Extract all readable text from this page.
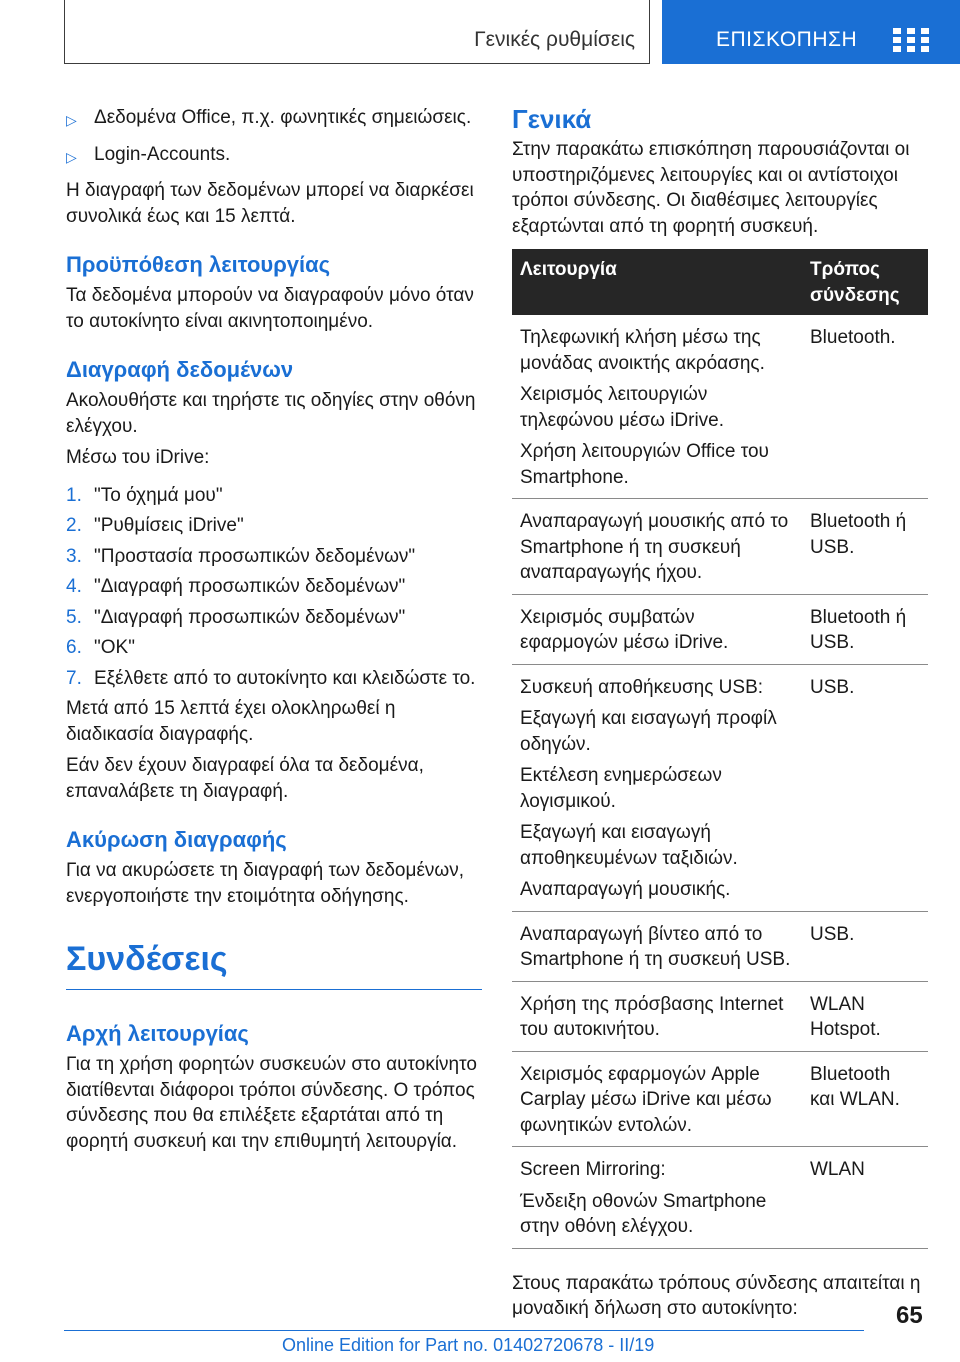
Γενικές ρυθμίσεις	ΕΠΙΣΚΟΠΗΣΗ
▷ Δεδομένα Office, π.χ. φωνητικές σημειώσεις.
▷ Login-Accounts.
Η διαγραφή των δεδομένων μπορεί να διαρκέσει συνολικά έως και 15 λεπτά.
Προϋπόθεση λειτουργίας
Τα δεδομένα μπορούν να διαγραφούν μόνο όταν το αυτοκίνητο είναι ακινητοποιημένο.
Διαγραφή δεδομένων
Ακολουθήστε και τηρήστε τις οδηγίες στην οθόνη ελέγχου.
Μέσω του iDrive:
1. "Το όχημά μου"
2. "Ρυθμίσεις iDrive"
3. "Προστασία προσωπικών δεδομένων"
4. "Διαγραφή προσωπικών δεδομένων"
5. "Διαγραφή προσωπικών δεδομένων"
6. "OK"
7. Εξέλθετε από το αυτοκίνητο και κλειδώστε το.
Μετά από 15 λεπτά έχει ολοκληρωθεί η διαδικασία διαγραφής.
Εάν δεν έχουν διαγραφεί όλα τα δεδομένα, επαναλάβετε τη διαγραφή.
Ακύρωση διαγραφής
Για να ακυρώσετε τη διαγραφή των δεδομένων, ενεργοποιήστε την ετοιμότητα οδήγησης.
Συνδέσεις
Αρχή λειτουργίας
Για τη χρήση φορητών συσκευών στο αυτοκίνητο διατίθενται διάφοροι τρόποι σύνδεσης. Ο τρόπος σύνδεσης που θα επιλέξετε εξαρτάται από τη φορητή συσκευή και την επιθυμητή λειτουργία.
Γενικά
Στην παρακάτω επισκόπηση παρουσιάζονται οι υποστηριζόμενες λειτουργίες και οι αντίστοιχοι τρόποι σύνδεσης. Οι διαθέσιμες λειτουργίες εξαρτώνται από τη φορητή συσκευή.
Λειτουργία	Τρόπος σύνδεσης

Τηλεφωνική κλήση μέσω της μονάδας ανοικτής ακρόασης.
Χειρισμός λειτουργιών τηλεφώνου μέσω iDrive.
Χρήση λειτουργιών Office του Smartphone.	Bluetooth.

Αναπαραγωγή μουσικής από το Smartphone ή τη συσκευή αναπαραγωγής ήχου.	Bluetooth ή USB.

Χειρισμός συμβατών εφαρμογών μέσω iDrive.	Bluetooth ή USB.

Συσκευή αποθήκευσης USB:
Εξαγωγή και εισαγωγή προφίλ οδηγών.
Εκτέλεση ενημερώσεων λογισμικού.
Εξαγωγή και εισαγωγή αποθηκευμένων ταξιδιών.
Αναπαραγωγή μουσικής.	USB.

Αναπαραγωγή βίντεο από το Smartphone ή τη συσκευή USB.	USB.

Χρήση της πρόσβασης Internet του αυτοκινήτου.	WLAN Hotspot.

Χειρισμός εφαρμογών Apple Carplay μέσω iDrive και μέσω φωνητικών εντολών.	Bluetooth και WLAN.

Screen Mirroring:
Ένδειξη οθονών Smartphone στην οθόνη ελέγχου.	WLAN
Στους παρακάτω τρόπους σύνδεσης απαιτείται η μοναδική δήλωση στο αυτοκίνητο:	65
Online Edition for Part no. 01402720678 - II/19
